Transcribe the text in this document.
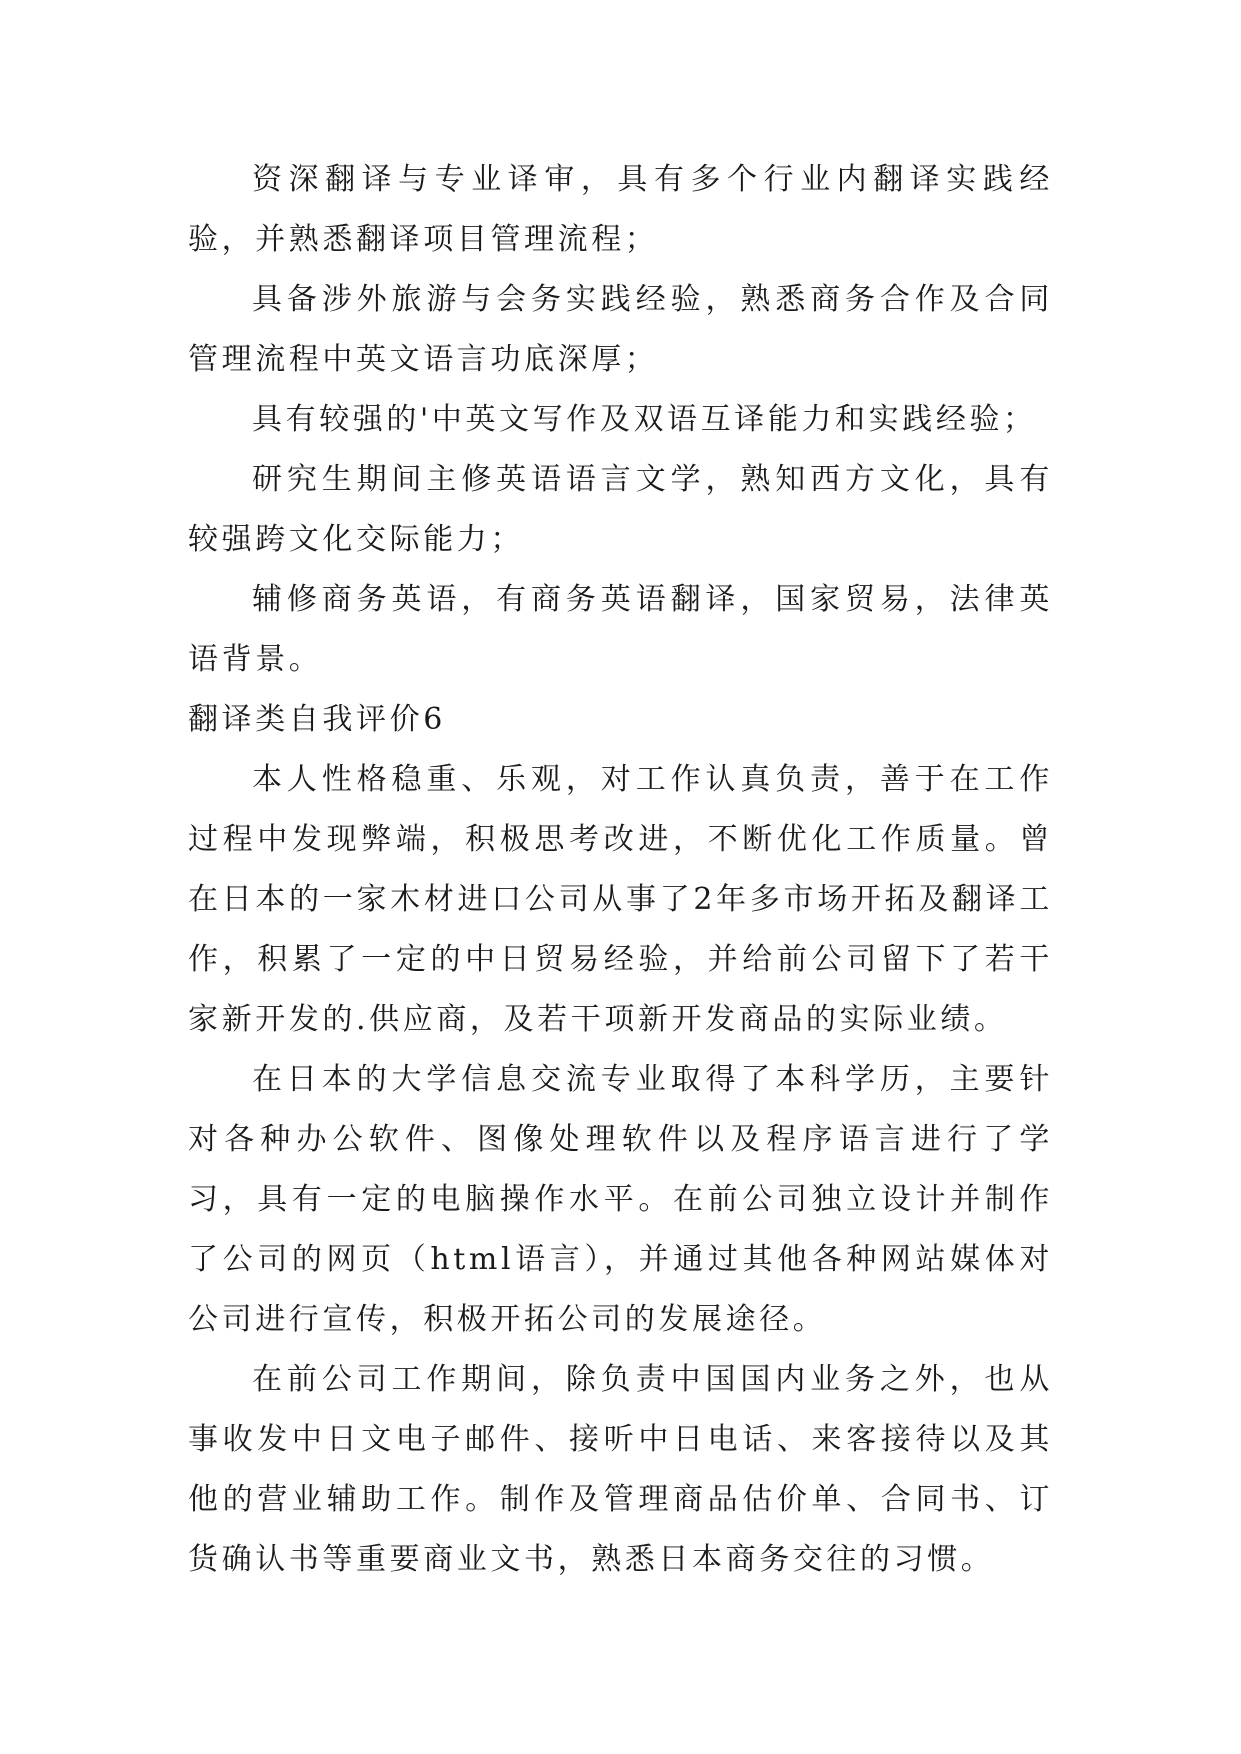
资深翻译与专业译审，具有多个行业内翻译实践经验，并熟悉翻译项目管理流程；

具备涉外旅游与会务实践经验，熟悉商务合作及合同管理流程中英文语言功底深厚；

具有较强的'中英文写作及双语互译能力和实践经验；

研究生期间主修英语语言文学，熟知西方文化，具有较强跨文化交际能力；

辅修商务英语，有商务英语翻译，国家贸易，法律英语背景。

翻译类自我评价6

本人性格稳重、乐观，对工作认真负责，善于在工作过程中发现弊端，积极思考改进，不断优化工作质量。曾在日本的一家木材进口公司从事了2年多市场开拓及翻译工作，积累了一定的中日贸易经验，并给前公司留下了若干家新开发的.供应商，及若干项新开发商品的实际业绩。

在日本的大学信息交流专业取得了本科学历，主要针对各种办公软件、图像处理软件以及程序语言进行了学习，具有一定的电脑操作水平。在前公司独立设计并制作了公司的网页（html语言），并通过其他各种网站媒体对公司进行宣传，积极开拓公司的发展途径。

在前公司工作期间，除负责中国国内业务之外，也从事收发中日文电子邮件、接听中日电话、来客接待以及其他的营业辅助工作。制作及管理商品估价单、合同书、订货确认书等重要商业文书，熟悉日本商务交往的习惯。
